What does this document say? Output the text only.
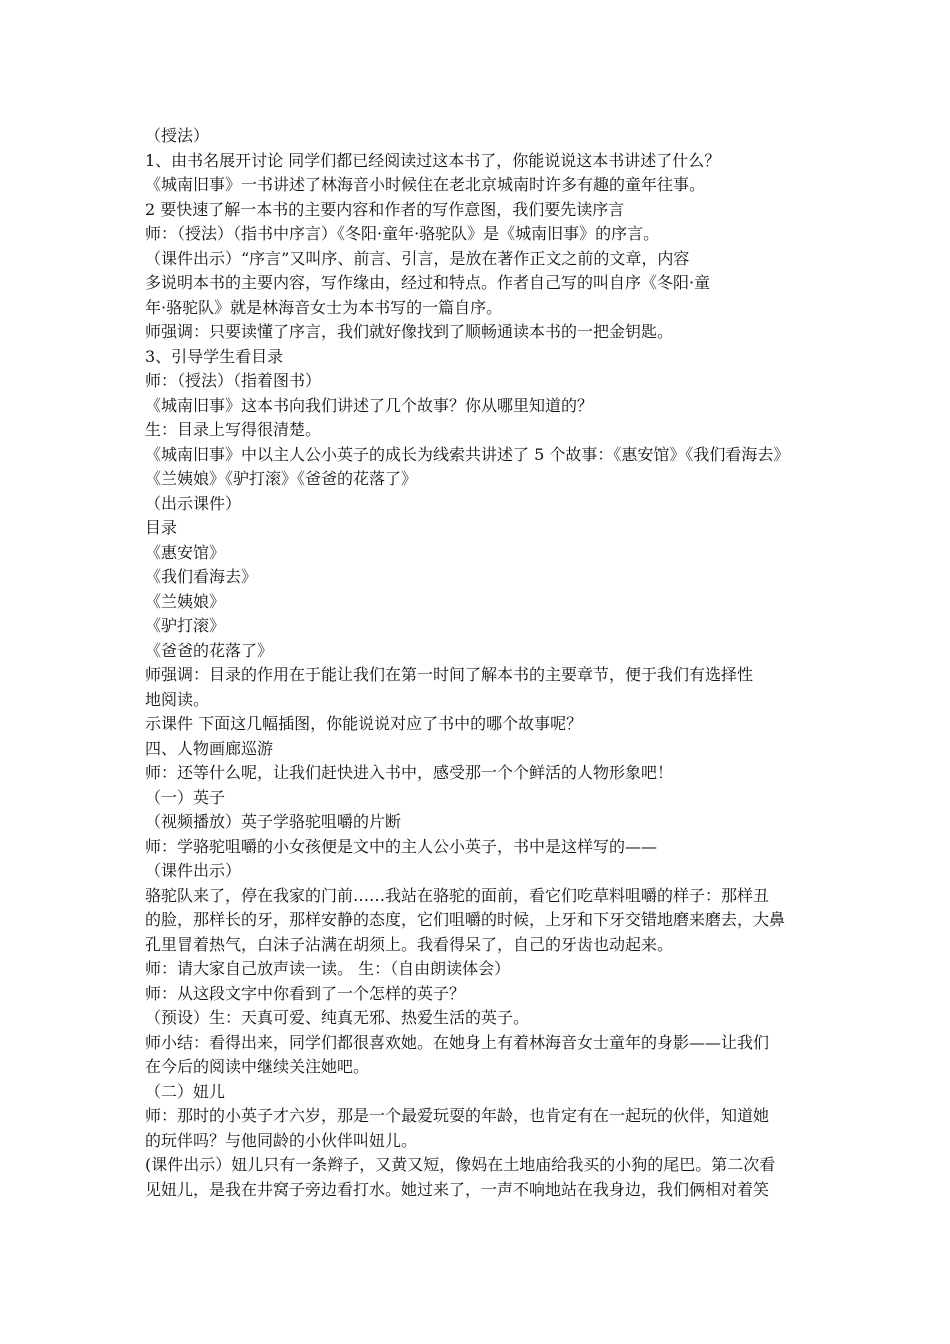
（授法）

1、由书名展开讨论 同学们都已经阅读过这本书了，你能说说这本书讲述了什么？

《城南旧事》一书讲述了林海音小时候住在老北京城南时许多有趣的童年往事。

2 要快速了解一本书的主要内容和作者的写作意图，我们要先读序言

师：（授法）（指书中序言）《冬阳·童年·骆驼队》是《城南旧事》的序言。

（课件出示）“序言”又叫序、前言、引言，是放在著作正文之前的文章，内容

多说明本书的主要内容，写作缘由，经过和特点。作者自己写的叫自序《冬阳·童

年·骆驼队》就是林海音女士为本书写的一篇自序。

师强调：只要读懂了序言，我们就好像找到了顺畅通读本书的一把金钥匙。

3、引导学生看目录

师：（授法）（指着图书）

《城南旧事》这本书向我们讲述了几个故事？你从哪里知道的？

生：目录上写得很清楚。

《城南旧事》中以主人公小英子的成长为线索共讲述了 5 个故事：《惠安馆》《我们看海去》

《兰姨娘》《驴打滚》《爸爸的花落了》

（出示课件）

目录

《惠安馆》

《我们看海去》

《兰姨娘》

《驴打滚》

《爸爸的花落了》

师强调：目录的作用在于能让我们在第一时间了解本书的主要章节，便于我们有选择性

地阅读。

示课件 下面这几幅插图，你能说说对应了书中的哪个故事呢？

四、人物画廊巡游

师：还等什么呢，让我们赶快进入书中，感受那一个个鲜活的人物形象吧！

（一）英子

（视频播放）英子学骆驼咀嚼的片断

师：学骆驼咀嚼的小女孩便是文中的主人公小英子，书中是这样写的——

（课件出示）

骆驼队来了，停在我家的门前……我站在骆驼的面前，看它们吃草料咀嚼的样子：那样丑

的脸，那样长的牙，那样安静的态度，它们咀嚼的时候，上牙和下牙交错地磨来磨去，大鼻

孔里冒着热气，白沫子沾满在胡须上。我看得呆了，自己的牙齿也动起来。

师：请大家自己放声读一读。 生：（自由朗读体会）

师：从这段文字中你看到了一个怎样的英子？

（预设）生：天真可爱、纯真无邪、热爱生活的英子。

师小结：看得出来，同学们都很喜欢她。在她身上有着林海音女士童年的身影——让我们

在今后的阅读中继续关注她吧。

（二）妞儿

师：那时的小英子才六岁，那是一个最爱玩耍的年龄，也肯定有在一起玩的伙伴，知道她

的玩伴吗？与他同龄的小伙伴叫妞儿。

(课件出示）妞儿只有一条辫子，又黄又短，像妈在土地庙给我买的小狗的尾巴。第二次看

见妞儿，是我在井窝子旁边看打水。她过来了，一声不响地站在我身边，我们俩相对着笑
